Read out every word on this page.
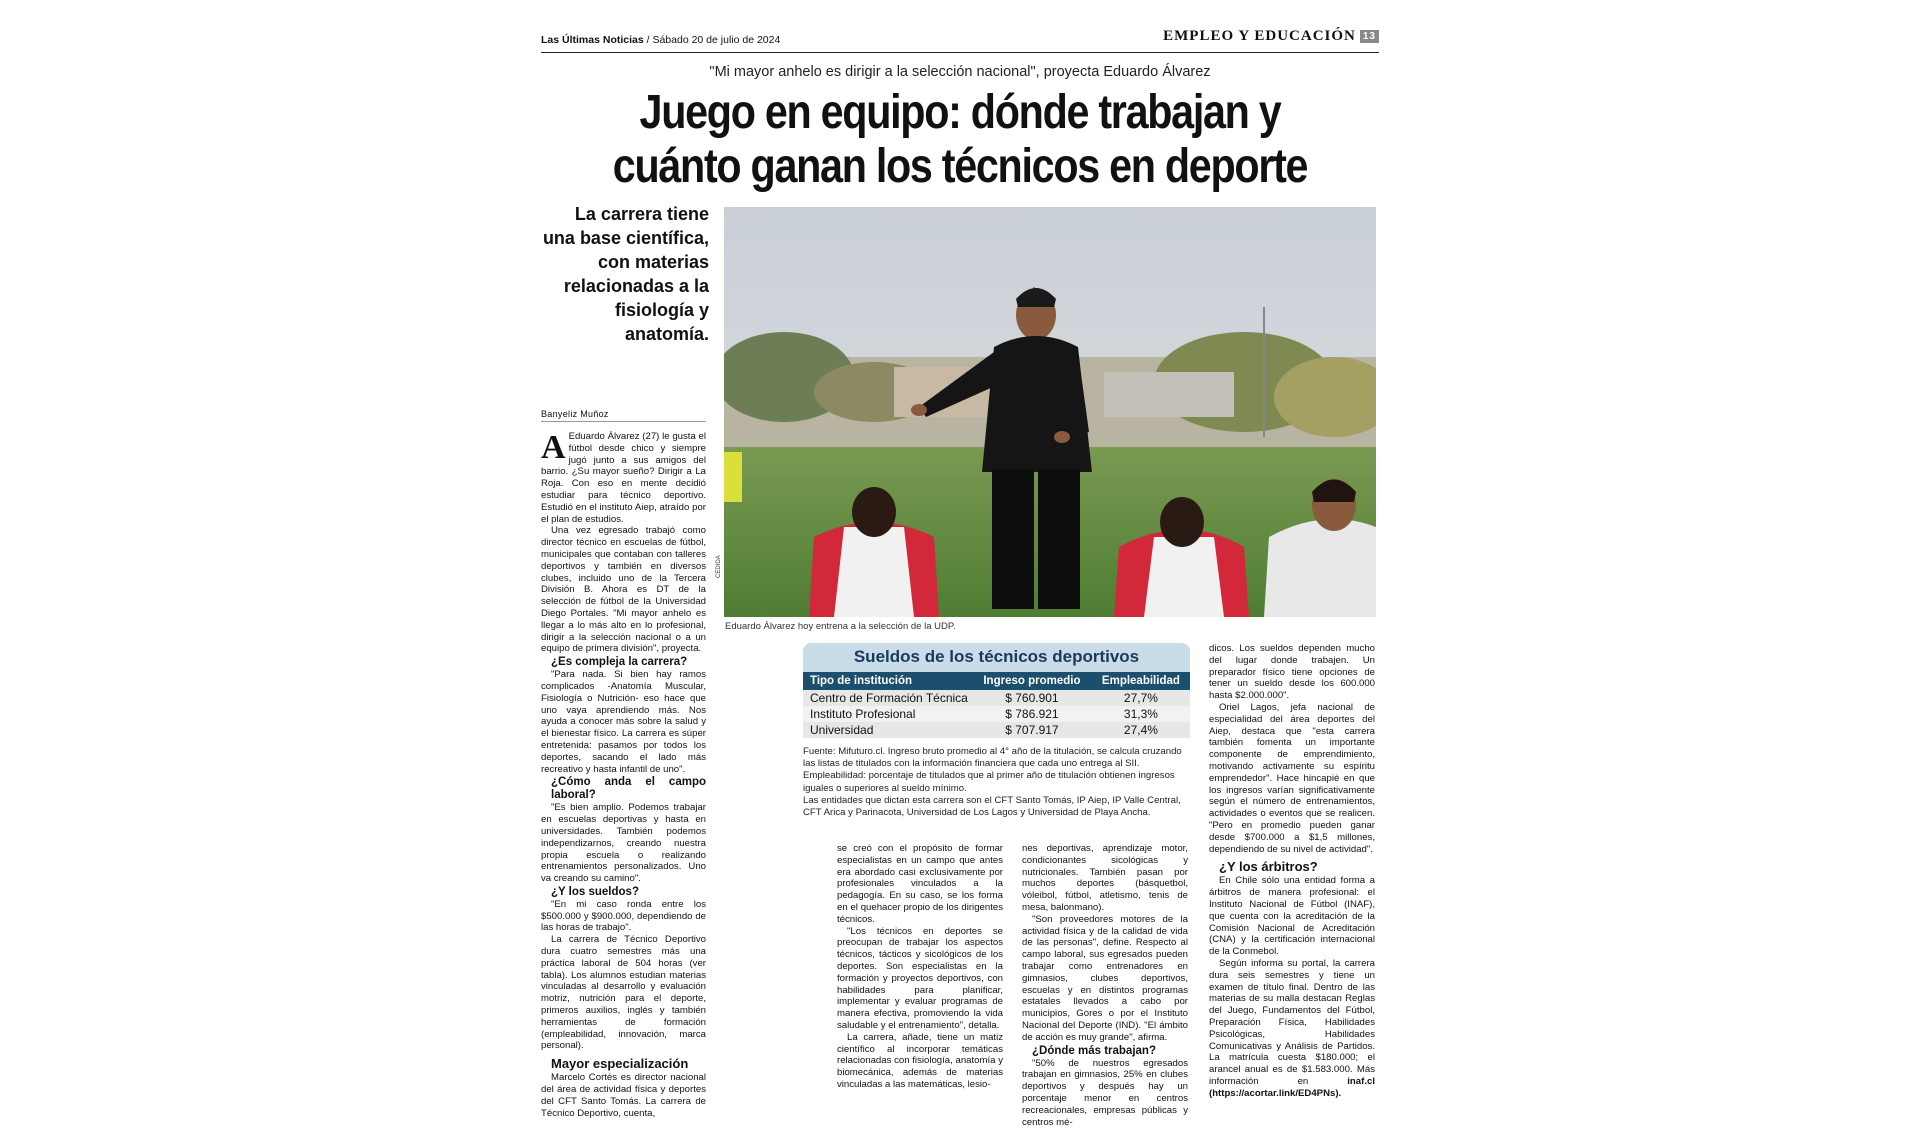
Las Últimas Noticias / Sábado 20 de julio de 2024	EMPLEO Y EDUCACIÓN 13
"Mi mayor anhelo es dirigir a la selección nacional", proyecta Eduardo Álvarez
Juego en equipo: dónde trabajan y
cuánto ganan los técnicos en deporte
La carrera tiene una base científica, con materias relacionadas a la fisiología y anatomía.
CEDIDA
Eduardo Álvarez hoy entrena a la selección de la UDP.
Banyeliz Muñoz

A Eduardo Álvarez (27) le gusta el fútbol desde chico y siempre jugó junto a sus amigos del barrio. ¿Su mayor sueño? Dirigir a La Roja. Con eso en mente decidió estudiar para técnico deportivo. Estudió en el instituto Aiep, atraído por el plan de estudios.

Una vez egresado trabajó como director técnico en escuelas de fútbol, municipales que contaban con talleres deportivos y también en diversos clubes, incluido uno de la Tercera División B. Ahora es DT de la selección de fútbol de la Universidad Diego Portales. "Mi mayor anhelo es llegar a lo más alto en lo profesional, dirigir a la selección nacional o a un equipo de primera división", proyecta.

¿Es compleja la carrera?

"Para nada. Si bien hay ramos complicados -Anatomía Muscular, Fisiología o Nutrición- eso hace que uno vaya aprendiendo más. Nos ayuda a conocer más sobre la salud y el bienestar físico. La carrera es súper entretenida: pasamos por todos los deportes, sacando el lado más recreativo y hasta infantil de uno".

¿Cómo anda el campo laboral?

"Es bien amplio. Podemos trabajar en escuelas deportivas y hasta en universidades. También podemos independizarnos, creando nuestra propia escuela o realizando entrenamientos personalizados. Uno va creando su camino".

¿Y los sueldos?

"En mi caso ronda entre los $500.000 y $900.000, dependiendo de las horas de trabajo".

La carrera de Técnico Deportivo dura cuatro semestres más una práctica laboral de 504 horas (ver tabla). Los alumnos estudian materias vinculadas al desarrollo y evaluación motriz, nutrición para el deporte, primeros auxilios, inglés y también herramientas de formación (empleabilidad, innovación, marca personal).

Mayor especialización

Marcelo Cortés es director nacional del área de actividad física y deportes del CFT Santo Tomás. La carrera de Técnico Deportivo, cuenta,

Sueldos de los técnicos deportivos
Tipo de institución	Ingreso promedio	Empleabilidad
Centro de Formación Técnica	$ 760.901	27,7%
Instituto Profesional	$ 786.921	31,3%
Universidad	$ 707.917	27,4%
Fuente: Mifuturo.cl. Ingreso bruto promedio al 4° año de la titulación, se calcula cruzando las listas de titulados con la información financiera que cada uno entrega al SII. Empleabilidad: porcentaje de titulados que al primer año de titulación obtienen ingresos iguales o superiores al sueldo mínimo.
Las entidades que dictan esta carrera son el CFT Santo Tomás, IP Aiep, IP Valle Central, CFT Arica y Parinacota, Universidad de Los Lagos y Universidad de Playa Ancha.

se creó con el propósito de formar especialistas en un campo que antes era abordado casi exclusivamente por profesionales vinculados a la pedagogía. En su caso, se los forma en el quehacer propio de los dirigentes técnicos.

"Los técnicos en deportes se preocupan de trabajar los aspectos técnicos, tácticos y sicológicos de los deportes. Son especialistas en la formación y proyectos deportivos, con habilidades para planificar, implementar y evaluar programas de manera efectiva, promoviendo la vida saludable y el entrenamiento", detalla.

La carrera, añade, tiene un matiz científico al incorporar temáticas relacionadas con fisiología, anatomía y biomecánica, además de materias vinculadas a las matemáticas, lesio-

nes deportivas, aprendizaje motor, condicionantes sicológicas y nutricionales. También pasan por muchos deportes (básquetbol, vóleibol, fútbol, atletismo, tenis de mesa, balonmano).

"Son proveedores motores de la actividad física y de la calidad de vida de las personas", define. Respecto al campo laboral, sus egresados pueden trabajar como entrenadores en gimnasios, clubes deportivos, escuelas y en distintos programas estatales llevados a cabo por municipios, Gores o por el Instituto Nacional del Deporte (IND). "El ámbito de acción es muy grande", afirma.

¿Dónde más trabajan?

"50% de nuestros egresados trabajan en gimnasios, 25% en clubes deportivos y después hay un porcentaje menor en centros recreacionales, empresas públicas y centros mé-

dicos. Los sueldos dependen mucho del lugar donde trabajen. Un preparador físico tiene opciones de tener un sueldo desde los 600.000 hasta $2.000.000".

Oriel Lagos, jefa nacional de especialidad del área deportes del Aiep, destaca que "esta carrera también fomenta un importante componente de emprendimiento, motivando activamente su espíritu emprendedor". Hace hincapié en que los ingresos varían significativamente según el número de entrenamientos, actividades o eventos que se realicen. "Pero en promedio pueden ganar desde $700.000 a $1,5 millones, dependiendo de su nivel de actividad".

¿Y los árbitros?

En Chile sólo una entidad forma a árbitros de manera profesional: el Instituto Nacional de Fútbol (INAF), que cuenta con la acreditación de la Comisión Nacional de Acreditación (CNA) y la certificación internacional de la Conmebol.

Según informa su portal, la carrera dura seis semestres y tiene un examen de título final. Dentro de las materias de su malla destacan Reglas del Juego, Fundamentos del Fútbol, Preparación Física, Habilidades Psicológicas, Habilidades Comunicativas y Análisis de Partidos. La matrícula cuesta $180.000; el arancel anual es de $1.583.000. Más información en	inaf.cl (https://acortar.link/ED4PNs).
